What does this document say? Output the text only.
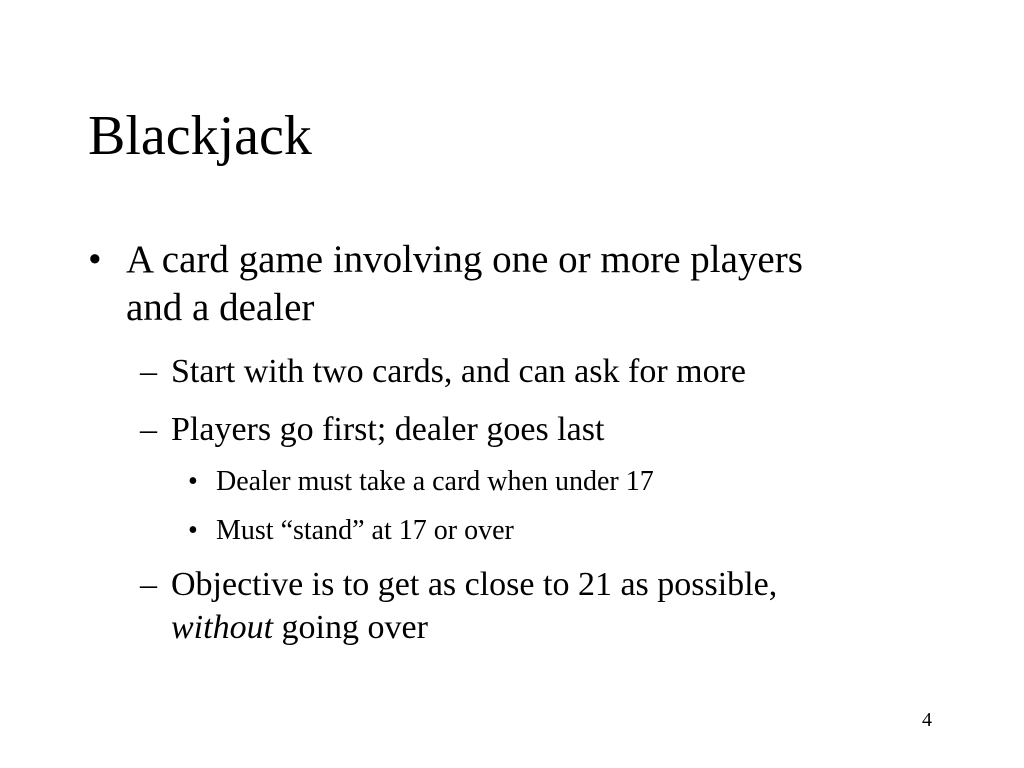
Blackjack
• A card game involving one or more players
and a dealer
– Start with two cards, and can ask for more
– Players go first; dealer goes last
• Dealer must take a card when under 17
• Must “stand” at 17 or over
– Objective is to get as close to 21 as possible,
without going over
4
